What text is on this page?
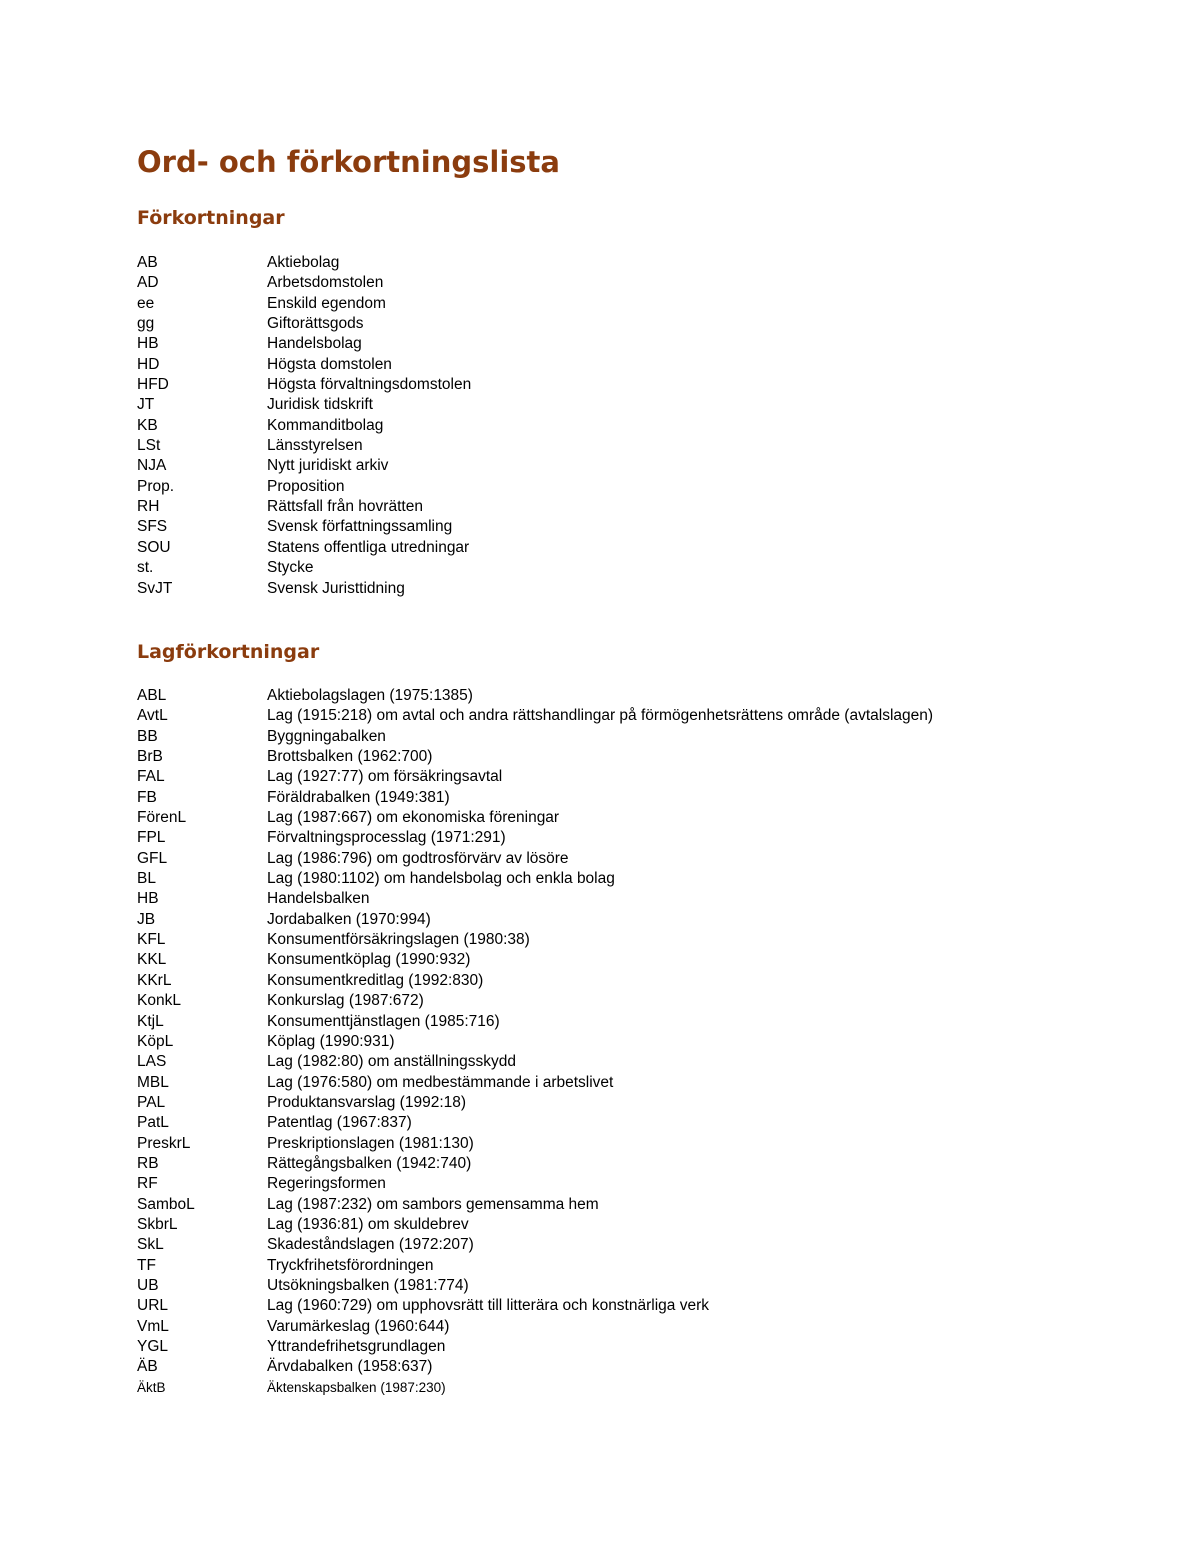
Ord- och förkortningslista
Förkortningar
AB	Aktiebolag
AD	Arbetsdomstolen
ee	Enskild egendom
gg	Giftorättsgods
HB	Handelsbolag
HD	Högsta domstolen
HFD	Högsta förvaltningsdomstolen
JT	Juridisk tidskrift
KB	Kommanditbolag
LSt	Länsstyrelsen
NJA	Nytt juridiskt arkiv
Prop.	Proposition
RH	Rättsfall från hovrätten
SFS	Svensk författningssamling
SOU	Statens offentliga utredningar
st.	Stycke
SvJT	Svensk Juristtidning
Lagförkortningar
ABL	Aktiebolagslagen (1975:1385)
AvtL	Lag (1915:218) om avtal och andra rättshandlingar på förmögenhetsrättens område (avtalslagen)
BB	Byggningabalken
BrB	Brottsbalken (1962:700)
FAL	Lag (1927:77) om försäkringsavtal
FB	Föräldrabalken (1949:381)
FörenL	Lag (1987:667) om ekonomiska föreningar
FPL	Förvaltningsprocesslag (1971:291)
GFL	Lag (1986:796) om godtrosförvärv av lösöre
BL	Lag (1980:1102) om handelsbolag och enkla bolag
HB	Handelsbalken
JB	Jordabalken (1970:994)
KFL	Konsumentförsäkringslagen (1980:38)
KKL	Konsumentköplag (1990:932)
KKrL	Konsumentkreditlag (1992:830)
KonkL	Konkurslag (1987:672)
KtjL	Konsumenttjänstlagen (1985:716)
KöpL	Köplag (1990:931)
LAS	Lag (1982:80) om anställningsskydd
MBL	Lag (1976:580) om medbestämmande i arbetslivet
PAL	Produktansvarslag (1992:18)
PatL	Patentlag (1967:837)
PreskrL	Preskriptionslagen (1981:130)
RB	Rättegångsbalken (1942:740)
RF	Regeringsformen
SamboL	Lag (1987:232) om sambors gemensamma hem
SkbrL	Lag (1936:81) om skuldebrev
SkL	Skadeståndslagen (1972:207)
TF	Tryckfrihetsförordningen
UB	Utsökningsbalken (1981:774)
URL	Lag (1960:729) om upphovsrätt till litterära och konstnärliga verk
VmL	Varumärkeslag (1960:644)
YGL	Yttrandefrihetsgrundlagen
ÄB	Ärvdabalken (1958:637)
ÄktB	Äktenskapsbalken (1987:230)
